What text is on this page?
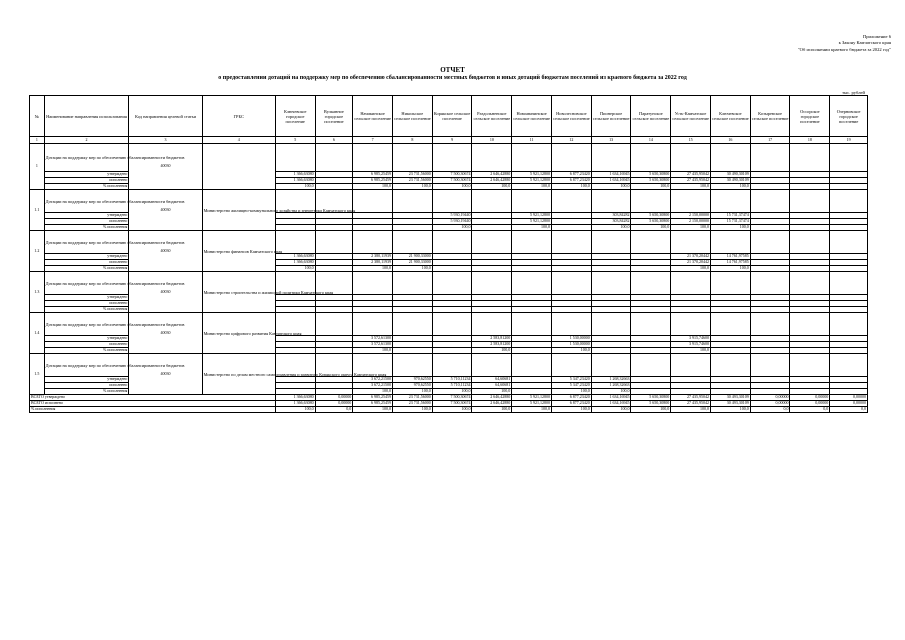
Приложение 6
к Закону Камчатского края
"Об исполнении краевого бюджета за 2022 год"
ОТЧЕТ
о предоставлении дотаций на поддержку мер по обеспечению сбалансированности местных бюджетов и иных дотаций бюджетам поселений из краевого бюджета за 2022 год
тыс. рублей
№	Наименование направления использования	Код направления целевой статьи	ГРБС	Ключевское городское поселение	Вулканное городское поселение	Начикинское сельское поселение	Никольское сельское поселение	Корякское сельское поселение	Раздольненское сельское поселение	Новоавачинское сельское поселение	Новолесновское сельское поселение	Пионерское сельское поселение	Паратунское сельское поселение	Усть-Камчатское сельское поселение	Ключевское сельское поселение	Козыревское сельское поселение	Оссорское городское поселение	Озерновское городское поселение
1	2	3	4	5	6	7	8	9	10	11	12	13	14	15	16	17	18	19
1	Дотации на поддержку мер по обеспечению сбалансированности бюджетов	40030																
	утверждено			1 366,63080		6 985,25459	23 731,56000	7 500,30674	2 646,42880	5 921,12800	6 877,23420	1 634,16945	5 650,30800	27 435,95042	30 490,30109			
	исполнено			1 366,63080		6 985,25459	23 731,56000	7 500,30674	2 646,42880	5 921,12800	6 877,23420	1 634,16945	5 650,30800	27 435,95042	30 490,30109			
	% исполнения			100,0		100,0	100,0	100,0	100,0	100,0	100,0	100,0	100,0	100,0	100,0			
1.1	Дотации на поддержку мер по обеспечению сбалансированности бюджетов	40030	Министерство жилищно-коммунального хозяйства и энергетики Камчатского края															
	утверждено							5 930,19440		5 921,12800		303,84282	5 650,30800	2 150,00000	15 731,37474			
	исполнено							5 930,19440		5 921,12800		303,84282	5 650,30800	2 150,00000	15 731,37474			
	% исполнения							100,0		100,0		100,0	100,0	100,0	100,0			
1.2	Дотации на поддержку мер по обеспечению сбалансированности бюджетов	40030	Министерство финансов Камчатского края															
	утверждено			1 366,63080		2 380,11939	21 900,33000							21 370,20442	14 761,97585			
	исполнено			1 366,63080		2 380,11939	21 900,33000							21 370,20442	14 761,97585			
	% исполнения			100,0		100,0	100,0							100,0	100,0			
1.3	Дотации на поддержку мер по обеспечению сбалансированности бюджетов	40030	Министерство строительства и жилищной политики Камчатского края															
	утверждено																	
	исполнено																	
	% исполнения																	
1.4	Дотации на поддержку мер по обеспечению сбалансированности бюджетов	40030	Министерство цифрового развития Камчатского края															
	утверждено					3 572,61300			2 583,81200		1 530,00000			3 915,74600				
	исполнено					3 572,61300			2 583,81200		1 530,00000			3 915,74600				
	% исполнения					100,0			100,0		100,0			100,0				
1.5	Дотации на поддержку мер по обеспечению сбалансированности бюджетов	40030	Министерство по делам местного самоуправления и развитию Корякского округа Камчатского края															
	утверждено					3 672,21500	970,62550	5 710,11234	64,60681		5 347,23420	1 268,32663						
	исполнено					3 672,21500	970,62550	5 710,11234	64,60681		5 347,23420	1 268,32663						
	% исполнения					100,0	100,0	100,0	100,0		100,0	100,0						
ВСЕГО утверждено				1 366,63080	0,00000	6 985,25459	23 731,56000	7 500,30674	2 646,42880	5 921,12800	6 877,23420	1 634,16945	5 650,30800	27 435,95042	30 493,30109	0,00000	0,00000	0,00000
ВСЕГО исполнено				1 366,63080	0,00000	6 985,25459	23 731,56000	7 500,30674	2 646,42880	5 921,12800	6 877,23420	1 634,16945	5 650,30800	27 435,95042	30 493,30109	0,00000	0,00000	0,00000
% исполнения				100,0	0,0	100,0	100,0	100,0	100,0	100,0	100,0	100,0	100,0	100,0	100,0	0,0	0,0	0,0
